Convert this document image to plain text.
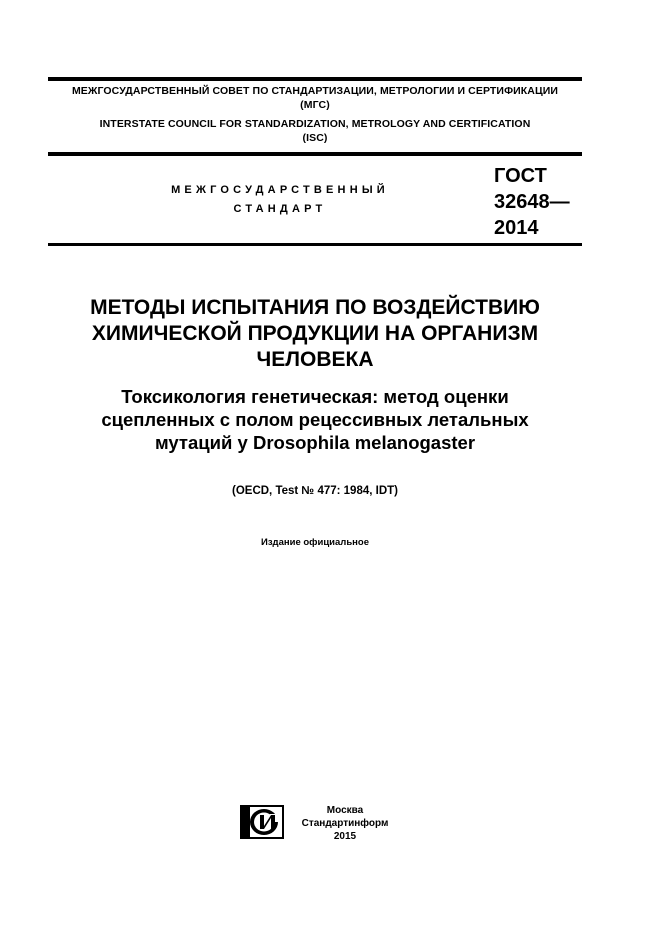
МЕЖГОСУДАРСТВЕННЫЙ СОВЕТ ПО СТАНДАРТИЗАЦИИ, МЕТРОЛОГИИ И СЕРТИФИКАЦИИ
(МГС)
INTERSTATE COUNCIL FOR STANDARDIZATION, METROLOGY AND CERTIFICATION
(ISC)
МЕЖГОСУДАРСТВЕННЫЙ
СТАНДАРТ
ГОСТ
32648—
2014
МЕТОДЫ ИСПЫТАНИЯ ПО ВОЗДЕЙСТВИЮ
ХИМИЧЕСКОЙ ПРОДУКЦИИ НА ОРГАНИЗМ
ЧЕЛОВЕКА
Токсикология генетическая: метод оценки
сцепленных с полом рецессивных летальных
мутаций у Drosophila melanogaster
(OECD, Test № 477: 1984, IDT)
Издание официальное
Москва
Стандартинформ
2015
